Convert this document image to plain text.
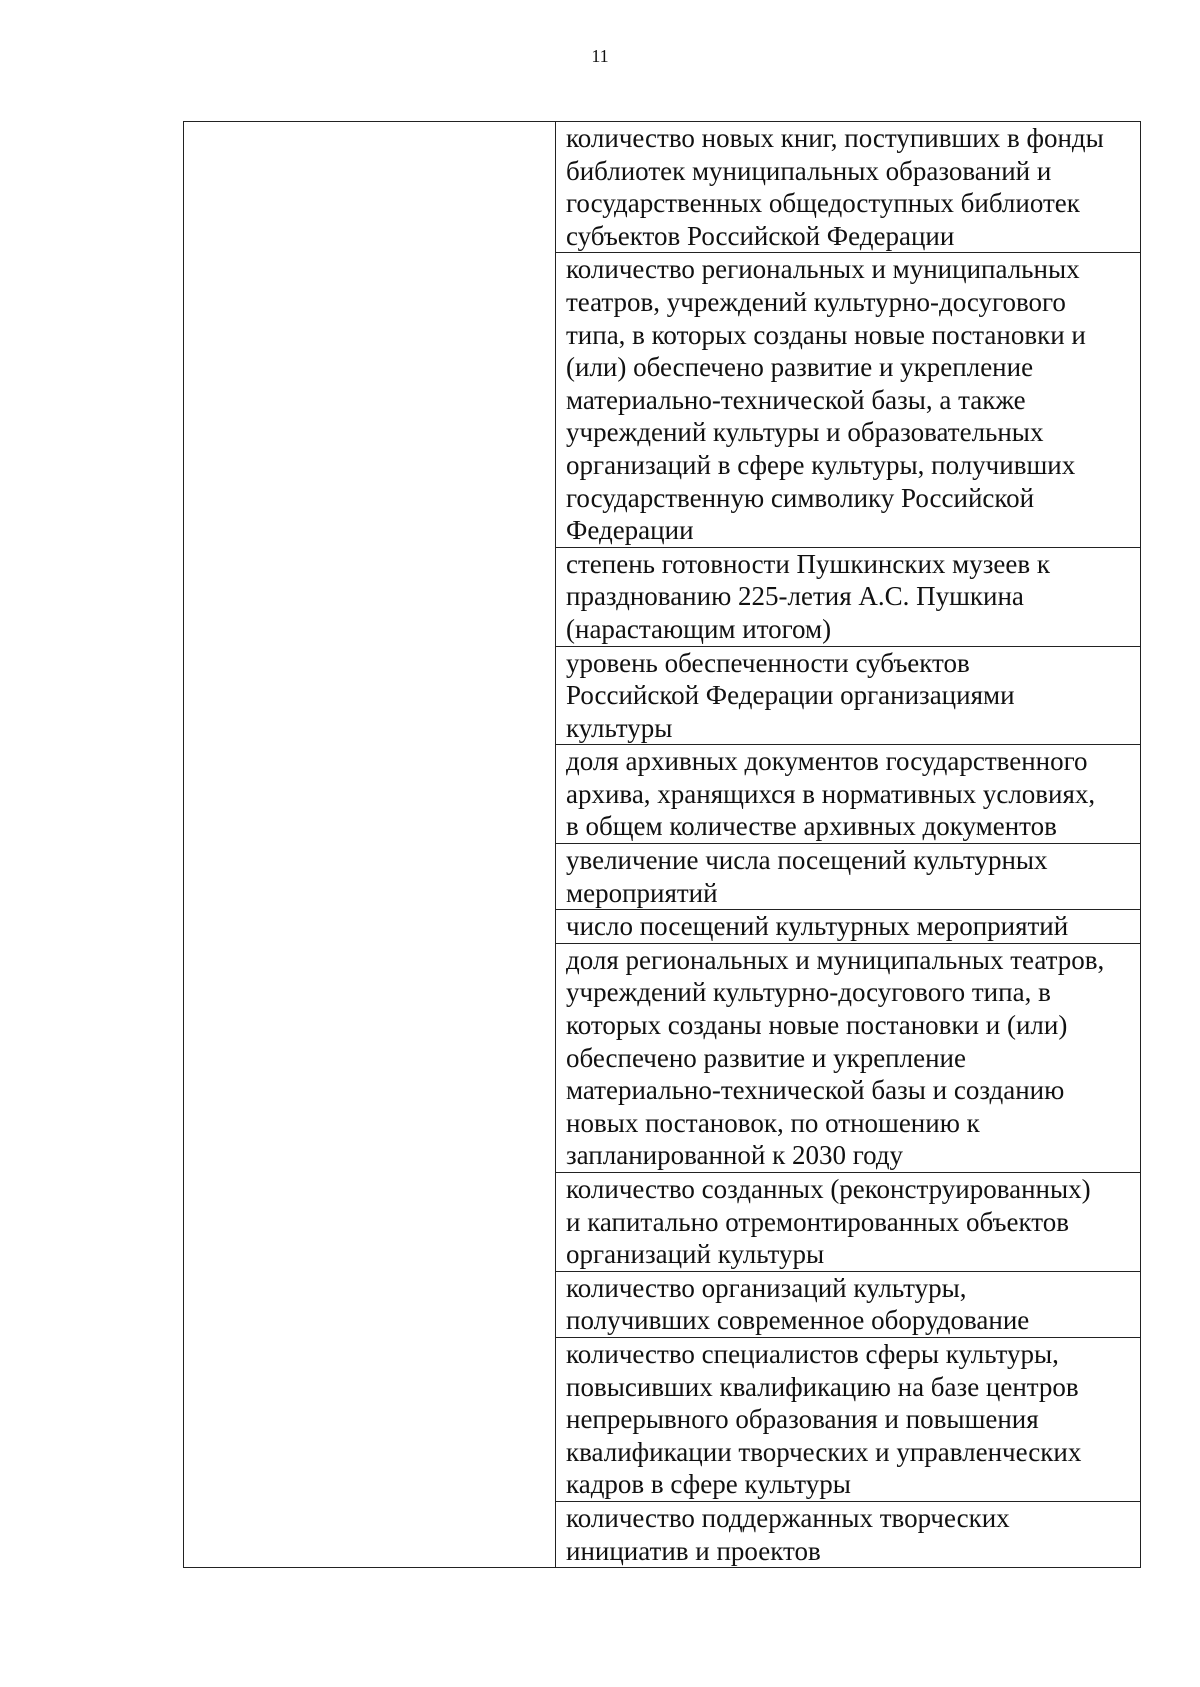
11
количество новых книг, поступивших в фонды
библиотек муниципальных образований и
государственных общедоступных библиотек
субъектов Российской Федерации
количество региональных и муниципальных
театров, учреждений культурно-досугового
типа, в которых созданы новые постановки и
(или) обеспечено развитие и укрепление
материально-технической базы, а также
учреждений культуры и образовательных
организаций в сфере культуры, получивших
государственную символику Российской
Федерации
степень готовности Пушкинских музеев к
празднованию 225-летия А.С. Пушкина
(нарастающим итогом)
уровень обеспеченности субъектов
Российской Федерации организациями
культуры
доля архивных документов государственного
архива, хранящихся в нормативных условиях,
в общем количестве архивных документов
увеличение числа посещений культурных
мероприятий
число посещений культурных мероприятий
доля региональных и муниципальных театров,
учреждений культурно-досугового типа, в
которых созданы новые постановки и (или)
обеспечено развитие и укрепление
материально-технической базы и созданию
новых постановок, по отношению к
запланированной к 2030 году
количество созданных (реконструированных)
и капитально отремонтированных объектов
организаций культуры
количество организаций культуры,
получивших современное оборудование
количество специалистов сферы культуры,
повысивших квалификацию на базе центров
непрерывного образования и повышения
квалификации творческих и управленческих
кадров в сфере культуры
количество поддержанных творческих
инициатив и проектов
